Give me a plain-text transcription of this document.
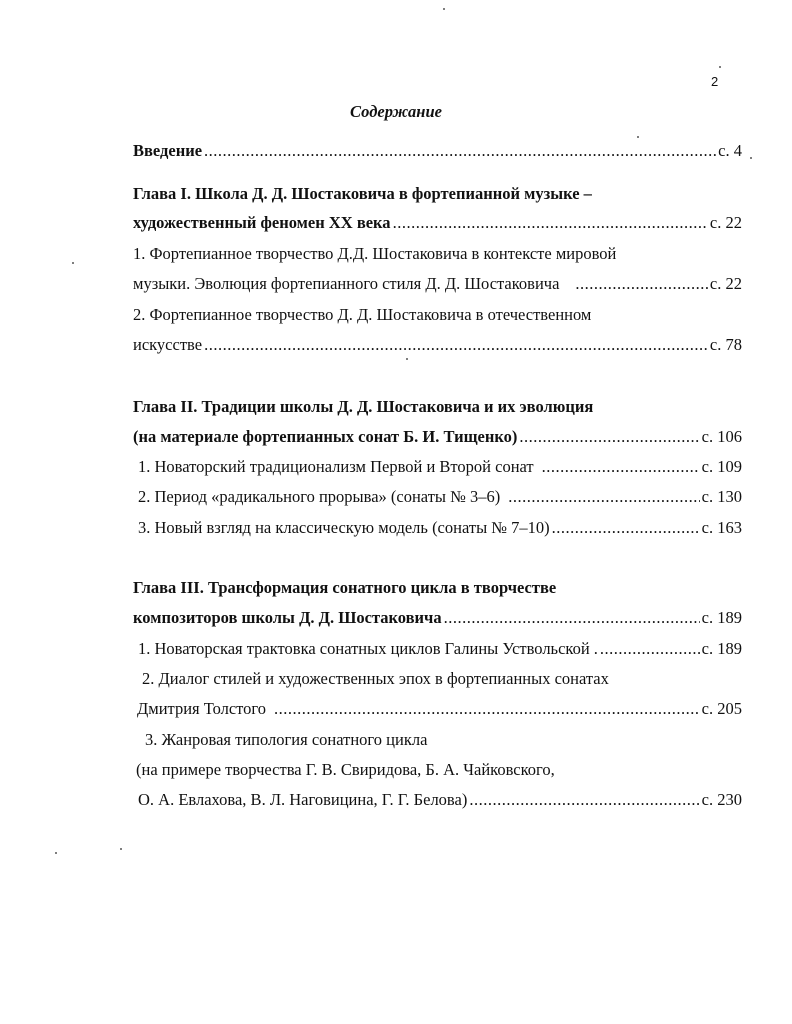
2
Содержание
Введение .....	с. 4
Глава I. Школа Д. Д. Шостаковича в фортепианной музыке –
художественный феномен XX века .....	с. 22
1. Фортепианное творчество Д.Д. Шостаковича в контексте мировой
музыки. Эволюция фортепианного стиля Д. Д. Шостаковича .....	с. 22
2. Фортепианное творчество Д. Д. Шостаковича в отечественном
искусстве .....	с. 78
Глава II. Традиции школы Д. Д. Шостаковича и их эволюция
(на материале фортепианных сонат Б. И. Тищенко) .....	с. 106
1. Новаторский традиционализм Первой и Второй сонат .....	с. 109
2. Период «радикального прорыва» (сонаты № 3–6) .....	с. 130
3. Новый взгляд на классическую модель (сонаты № 7–10) .....	с. 163
Глава III. Трансформация сонатного цикла в творчестве
композиторов школы Д. Д. Шостаковича .....	с. 189
1. Новаторская трактовка сонатных циклов Галины Уствольской . .....	с. 189
2. Диалог стилей и художественных эпох в фортепианных сонатах
Дмитрия Толстого .....	с. 205
3. Жанровая типология сонатного цикла
(на примере творчества Г. В. Свиридова, Б. А. Чайковского,
О. А. Евлахова, В. Л. Наговицина, Г. Г. Белова) .....	с. 230
